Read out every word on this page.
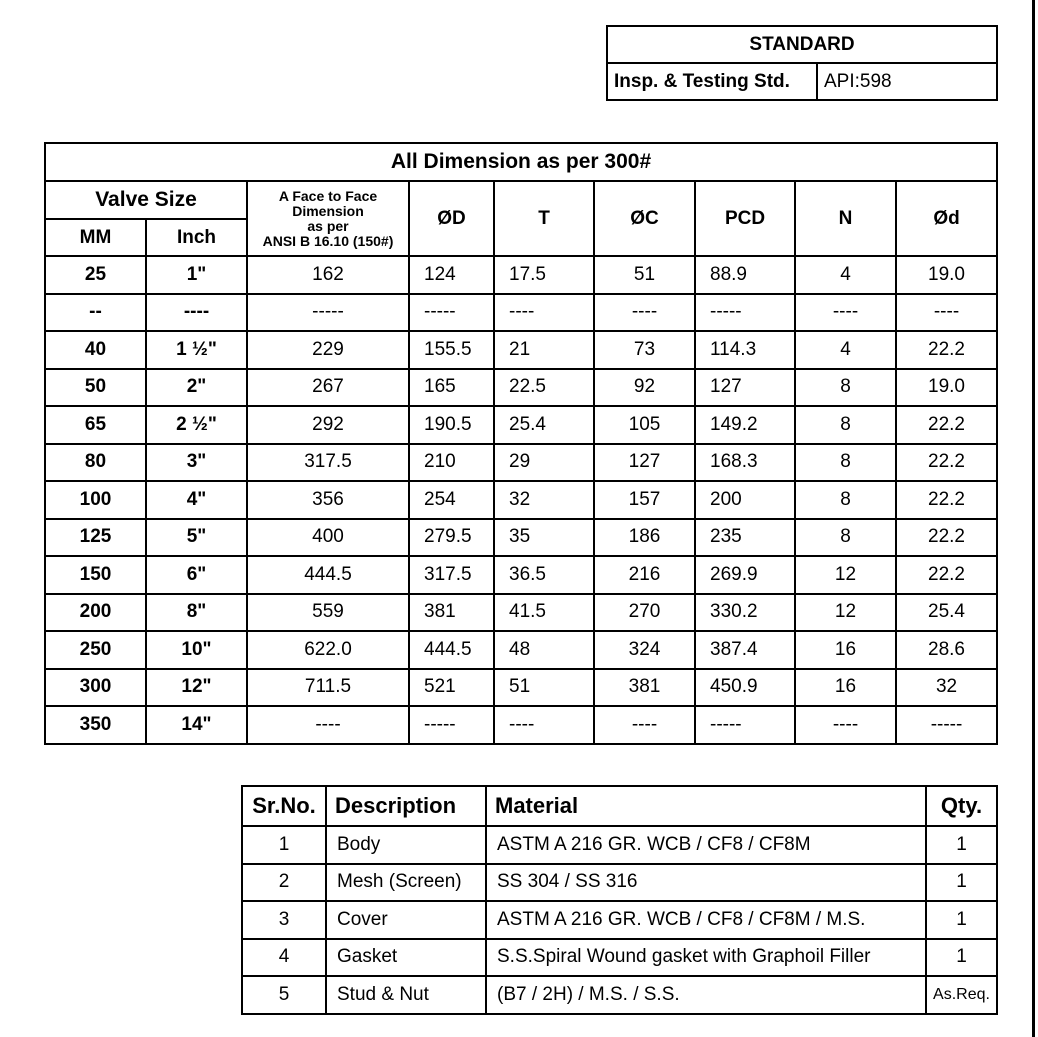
STANDARD
Insp. & Testing Std.	API:598
All Dimension as per 300#								
Valve Size		A Face to Face
Dimension
as per
ANSI B 16.10 (150#)	ØD	T	ØC	PCD	N	Ød
MM	Inch							
25	1"	162	124	17.5	51	88.9	4	19.0
--	----	-----	-----	----	----	-----	----	----
40	1 ½"	229	155.5	21	73	114.3	4	22.2
50	2"	267	165	22.5	92	127	8	19.0
65	2 ½"	292	190.5	25.4	105	149.2	8	22.2
80	3"	317.5	210	29	127	168.3	8	22.2
100	4"	356	254	32	157	200	8	22.2
125	5"	400	279.5	35	186	235	8	22.2
150	6"	444.5	317.5	36.5	216	269.9	12	22.2
200	8"	559	381	41.5	270	330.2	12	25.4
250	10"	622.0	444.5	48	324	387.4	16	28.6
300	12"	711.5	521	51	381	450.9	16	32
350	14"	----	-----	----	----	-----	----	-----
Sr.No.	Description	Material	Qty.
1	Body	ASTM A 216 GR. WCB / CF8 / CF8M	1
2	Mesh (Screen)	SS 304 / SS 316	1
3	Cover	ASTM A 216 GR. WCB / CF8 / CF8M / M.S.	1
4	Gasket	S.S.Spiral Wound gasket with Graphoil Filler	1
5	Stud & Nut	(B7 / 2H) / M.S. / S.S.	As.Req.
